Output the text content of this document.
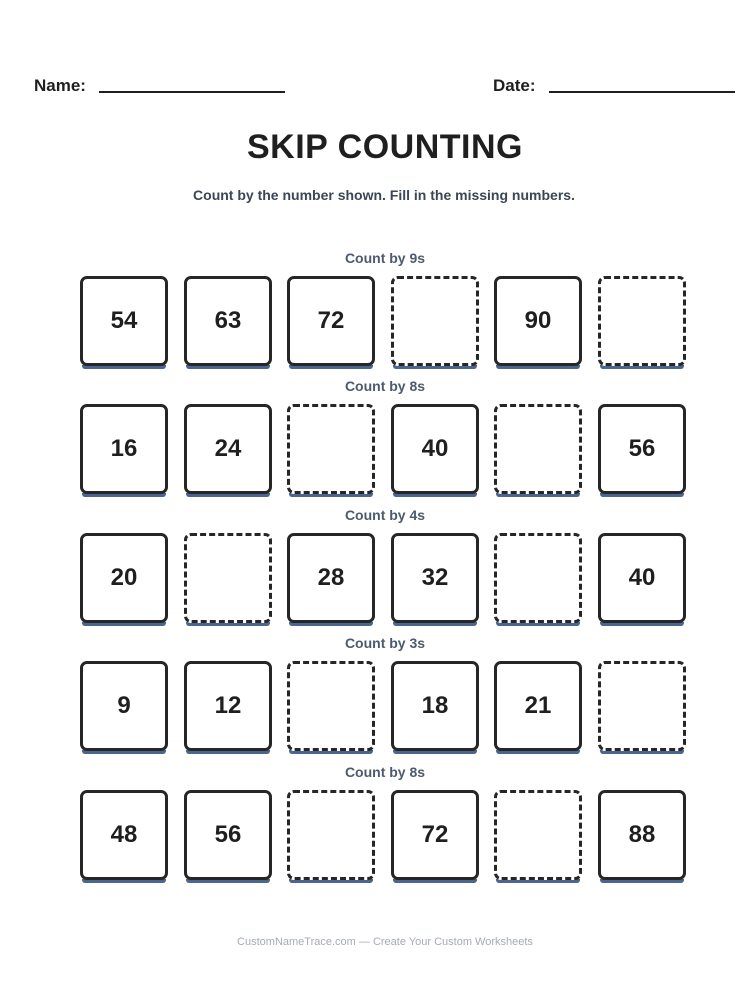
Name:	Date:
SKIP COUNTING

Count by the number shown. Fill in the missing numbers.

Count by 9s
54	63	72	90
Count by 8s
16	24	40	56
Count by 4s
20	28	32	40
Count by 3s
9	12	18	21
Count by 8s
48	56	72	88

CustomNameTrace.com — Create Your Custom Worksheets
